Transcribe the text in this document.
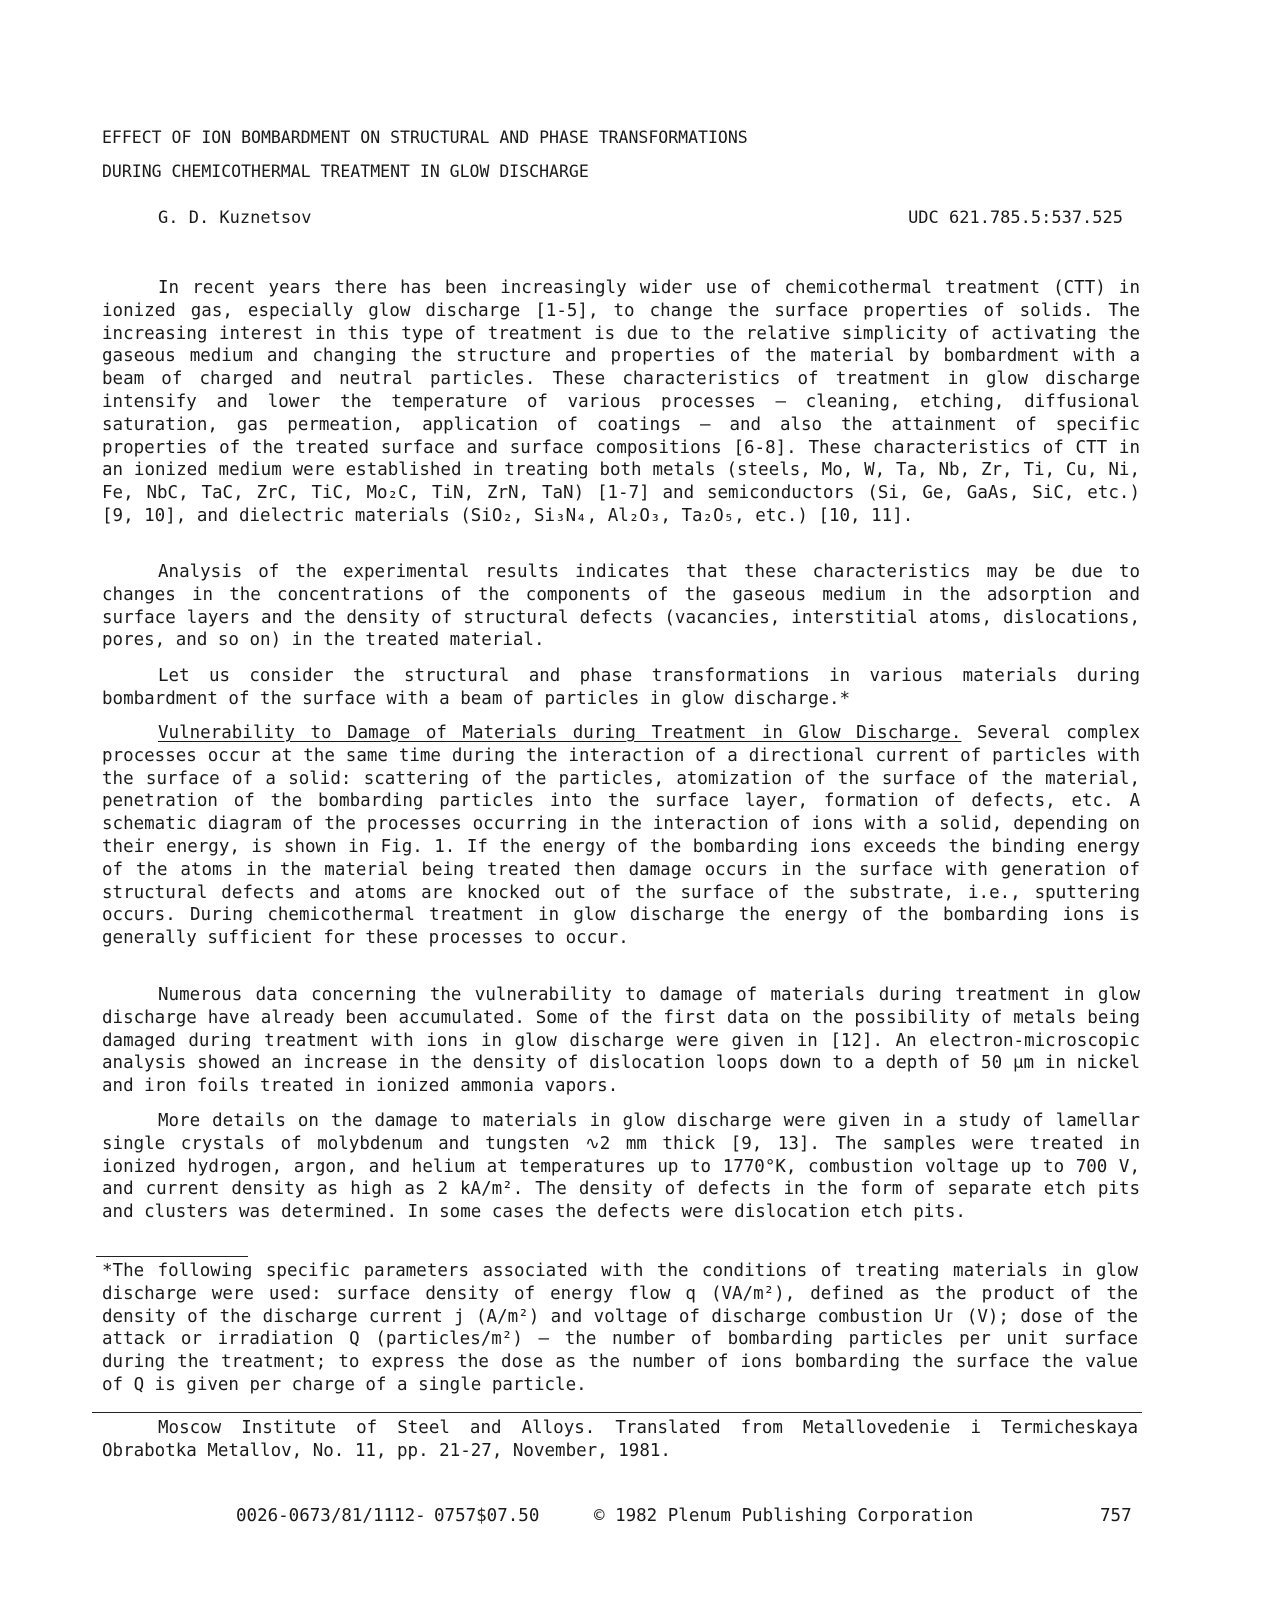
EFFECT OF ION BOMBARDMENT ON STRUCTURAL AND PHASE TRANSFORMATIONS
DURING CHEMICOTHERMAL TREATMENT IN GLOW DISCHARGE
G. D. Kuznetsov	UDC 621.785.5:537.525

In recent years there has been increasingly wider use of chemicothermal treatment (CTT) in ionized gas, especially glow discharge [1-5], to change the surface properties of solids. The increasing interest in this type of treatment is due to the relative simplicity of activating the gaseous medium and changing the structure and properties of the material by bombardment with a beam of charged and neutral particles. These characteristics of treatment in glow discharge intensify and lower the temperature of various processes — cleaning, etching, diffusional saturation, gas permeation, application of coatings — and also the attainment of specific properties of the treated surface and surface compositions [6-8]. These characteristics of CTT in an ionized medium were established in treating both metals (steels, Mo, W, Ta, Nb, Zr, Ti, Cu, Ni, Fe, NbC, TaC, ZrC, TiC, Mo₂C, TiN, ZrN, TaN) [1-7] and semiconductors (Si, Ge, GaAs, SiC, etc.) [9, 10], and dielectric materials (SiO₂, Si₃N₄, Al₂O₃, Ta₂O₅, etc.) [10, 11].

Analysis of the experimental results indicates that these characteristics may be due to changes in the concentrations of the components of the gaseous medium in the adsorption and surface layers and the density of structural defects (vacancies, interstitial atoms, dislocations, pores, and so on) in the treated material.

Let us consider the structural and phase transformations in various materials during bombardment of the surface with a beam of particles in glow discharge.*

Vulnerability to Damage of Materials during Treatment in Glow Discharge. Several complex processes occur at the same time during the interaction of a directional current of particles with the surface of a solid: scattering of the particles, atomization of the surface of the material, penetration of the bombarding particles into the surface layer, formation of defects, etc. A schematic diagram of the processes occurring in the interaction of ions with a solid, depending on their energy, is shown in Fig. 1. If the energy of the bombarding ions exceeds the binding energy of the atoms in the material being treated then damage occurs in the surface with generation of structural defects and atoms are knocked out of the surface of the substrate, i.e., sputtering occurs. During chemicothermal treatment in glow discharge the energy of the bombarding ions is generally sufficient for these processes to occur.

Numerous data concerning the vulnerability to damage of materials during treatment in glow discharge have already been accumulated. Some of the first data on the possibility of metals being damaged during treatment with ions in glow discharge were given in [12]. An electron-microscopic analysis showed an increase in the density of dislocation loops down to a depth of 50 μm in nickel and iron foils treated in ionized ammonia vapors.

More details on the damage to materials in glow discharge were given in a study of lamellar single crystals of molybdenum and tungsten ∿2 mm thick [9, 13]. The samples were treated in ionized hydrogen, argon, and helium at temperatures up to 1770°K, combustion voltage up to 700 V, and current density as high as 2 kA/m². The density of defects in the form of separate etch pits and clusters was determined. In some cases the defects were dislocation etch pits.

*The following specific parameters associated with the conditions of treating materials in glow discharge were used: surface density of energy flow q (VA/m²), defined as the product of the density of the discharge current j (A/m²) and voltage of discharge combustion Uᴦ (V); dose of the attack or irradiation Q (particles/m²) — the number of bombarding particles per unit surface during the treatment; to express the dose as the number of ions bombarding the surface the value of Q is given per charge of a single particle.

Moscow Institute of Steel and Alloys. Translated from Metallovedenie i Termicheskaya Obrabotka Metallov, No. 11, pp. 21-27, November, 1981.

0026-0673/81/1112- 0757$07.50	© 1982 Plenum Publishing Corporation	757
